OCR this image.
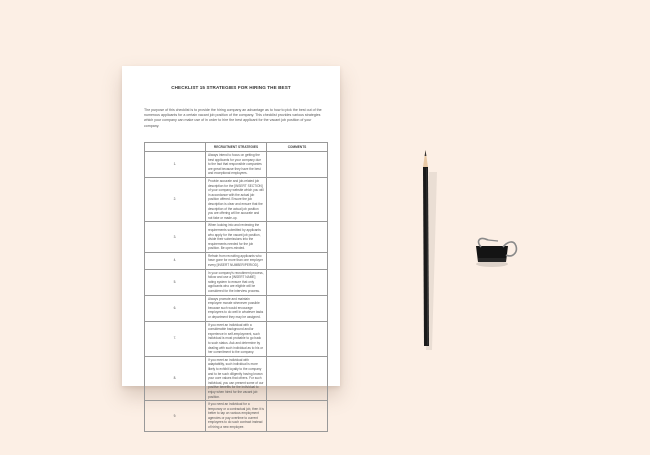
CHECKLIST 15 STRATEGIES FOR HIRING THE BEST
The purpose of this checklist is to provide the hiring company an advantage as to how to pick the best out of the numerous applicants for a certain vacant job position of the company. This checklist provides various strategies which your company can make use of in order to hire the best applicant for the vacant job position of your company.
	RECRUITMENT STRATEGIES	COMMENTS
1.	Always intend to focus on getting the best applicants for your company due to the fact that responsible companies are great because they have the best and exceptional employees.	
2.	Provide accurate and job-related job description for the [INSERT SECTION] of your company website which you will in accordance with the actual job position offered. Ensure the job description is clear and ensure that the description of the actual job position you are offering will be accurate and not fake or made-up.	
3.	When looking into and reviewing the requirements submitted by applicants who apply for the vacant job position, divide their submissions into the requirements needed for the job position. Be open-minded.	
4.	Refrain from recruiting applicants who have gone for more than one employer every [INSERT NUMBER/PERIOD].	
5.	In your company's recruitment process, follow and use a [INSERT NAME] rating system to ensure that only applicants who are eligible will be considered for the interview process.	
6.	Always promote and maintain employee morale whenever possible because such would encourage employees to do well in whatever tasks or department they may be assigned.	
7.	If you meet an individual with a considerable background and/or experience in self-employment, such individual is most probable to go back to such status. Ask and determine by dealing with such individual as to his or her commitment to the company.	
8.	If you meet an individual with adaptability, such individual is more likely to exhibit loyalty to the company and to be such diligently having known your core values that others. For such individual, you can present some of our positive benefits for the individual to enjoy when hired for the vacant job position.	
9.	If you need an individual for a temporary or a contractual job, then it is better to tap on various employment agencies or pay overtime to current employees to do such contract instead of hiring a new employee.	
